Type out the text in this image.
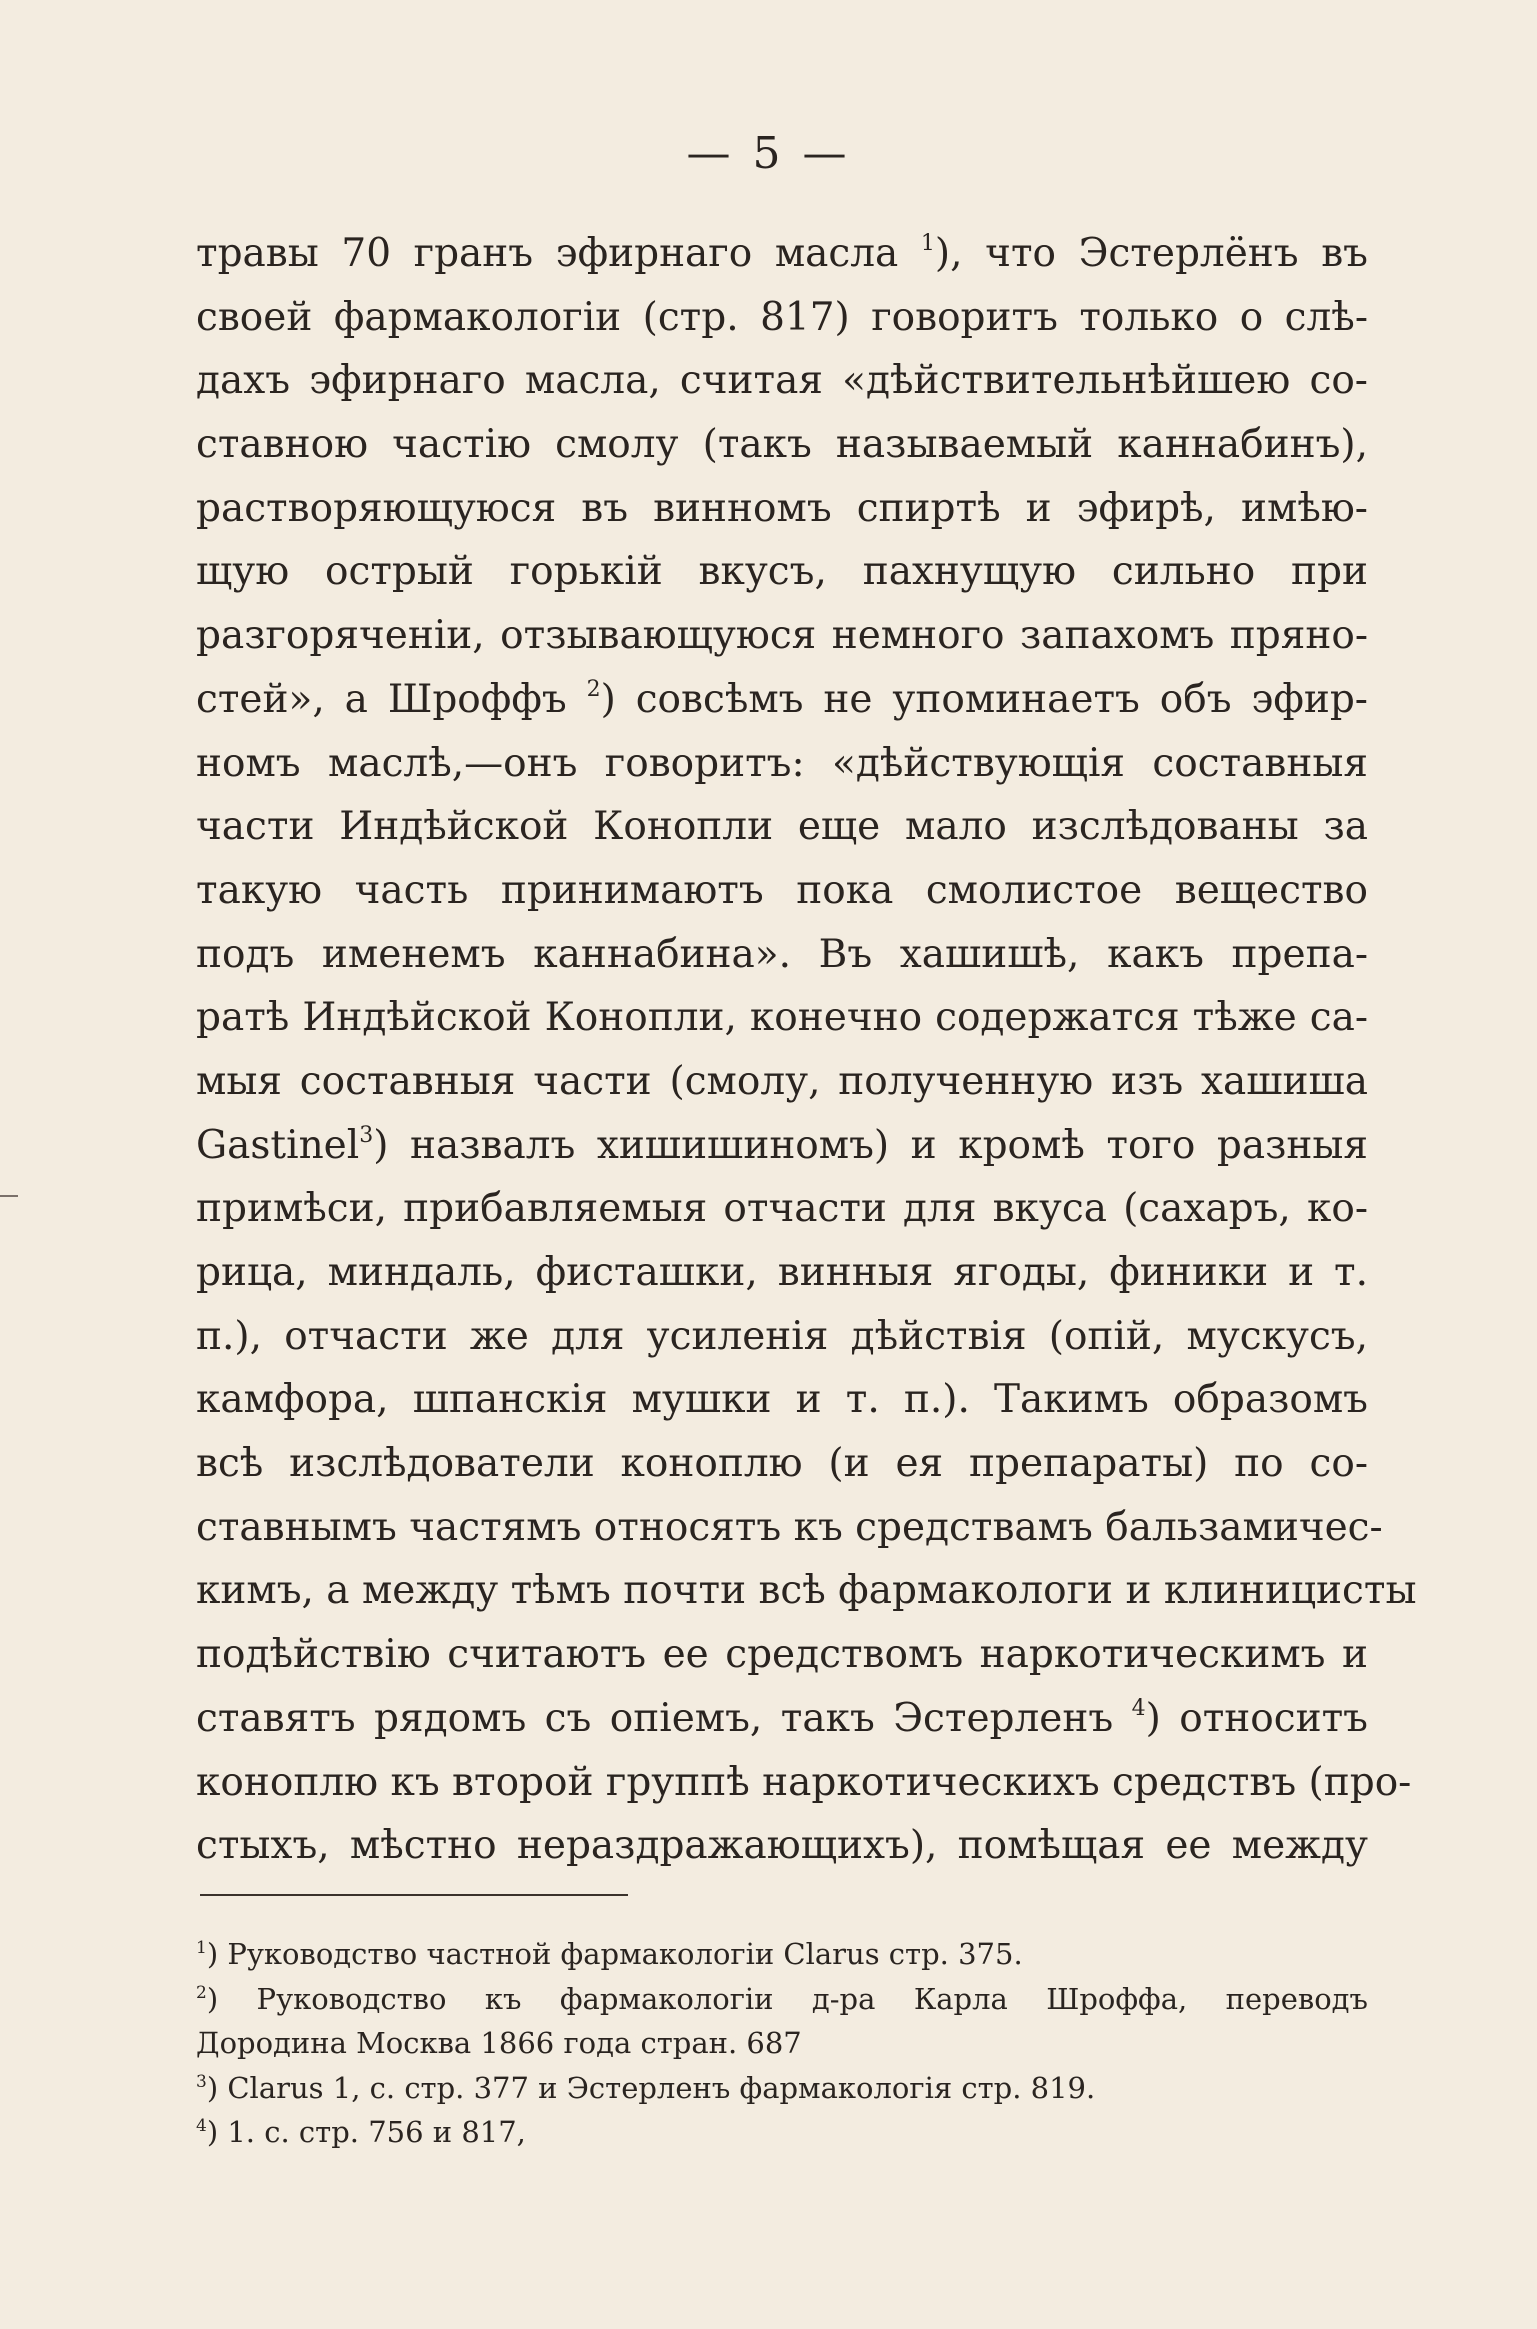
— 5 —
травы 70 гранъ эфирнаго масла $^1$), что Эстерлёнъ въ
своей фармакологіи (стр. 817) говоритъ только о слѣ-
дахъ эфирнаго масла, считая «дѣйствительнѣйшею со-
ставною частію смолу (такъ называемый каннабинъ),
растворяющуюся въ винномъ спиртѣ и эфирѣ, имѣю-
щую острый горькій вкусъ, пахнущую сильно при
разгоряченіи, отзывающуюся немного запахомъ пряно-
стей», а Шроффъ $^2$) совсѣмъ не упоминаетъ объ эфир-
номъ маслѣ,—онъ говоритъ: «дѣйствующія составныя
части Индѣйской Конопли еще мало изслѣдованы за
такую часть принимаютъ пока смолистое вещество
подъ именемъ каннабина». Въ хашишѣ, какъ препа-
ратѣ Индѣйской Конопли, конечно содержатся тѣже са-
мыя составныя части (смолу, полученную изъ хашиша
Gastinel$^3$) назвалъ хишишиномъ) и кромѣ того разныя
примѣси, прибавляемыя отчасти для вкуса (сахаръ, ко-
рица, миндаль, фисташки, винныя ягоды, финики и т.
п.), отчасти же для усиленія дѣйствія (опій, мускусъ,
камфора, шпанскія мушки и т. п.). Такимъ образомъ
всѣ изслѣдователи коноплю (и ея препараты) по со-
ставнымъ частямъ относятъ къ средствамъ бальзамичес-
кимъ, а между тѣмъ почти всѣ фармакологи и клиницисты
подѣйствію считаютъ ее средствомъ наркотическимъ и
ставятъ рядомъ съ опіемъ, такъ Эстерленъ $^4$) относитъ
коноплю къ второй группѣ наркотическихъ средствъ (про-
стыхъ, мѣстно нераздражающихъ), помѣщая ее между
$^1$) Руководство частной фармакологіи Clarus стр. 375.
$^2$) Руководство къ фармакологіи д-ра Карла Шроффа, переводъ
Дородина Москва 1866 года стран. 687
$^3$) Clarus 1, с. стр. 377 и Эстерленъ фармакологія стр. 819.
$^4$) 1. с. стр. 756 и 817,
